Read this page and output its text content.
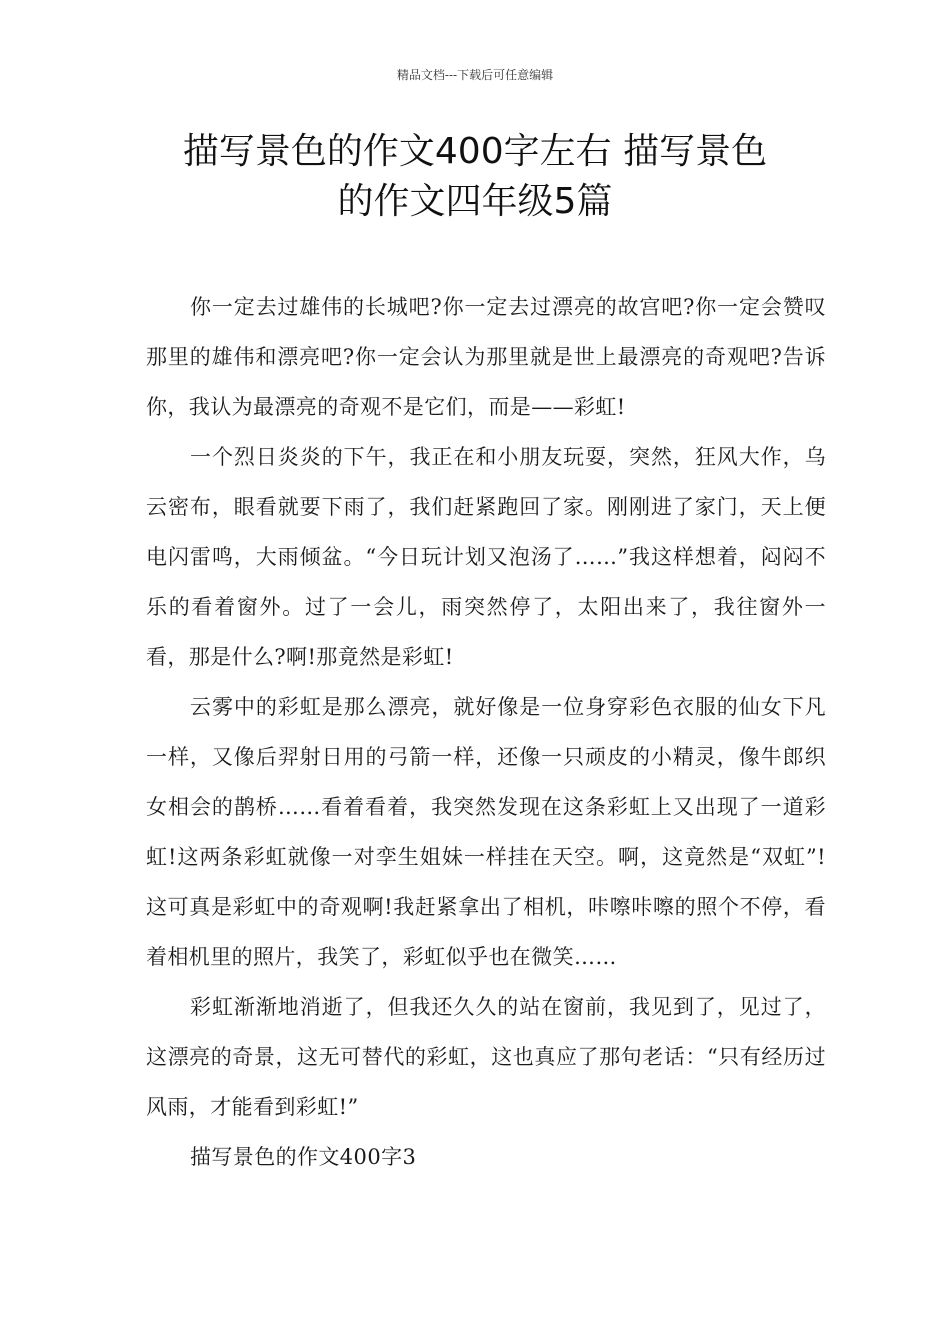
精品文档---下载后可任意编辑
描写景色的作文400字左右 描写景色
的作文四年级5篇

你一定去过雄伟的长城吧?你一定去过漂亮的故宫吧?你一定会赞叹那里的雄伟和漂亮吧?你一定会认为那里就是世上最漂亮的奇观吧?告诉你，我认为最漂亮的奇观不是它们，而是——彩虹!

一个烈日炎炎的下午，我正在和小朋友玩耍，突然，狂风大作，乌云密布，眼看就要下雨了，我们赶紧跑回了家。刚刚进了家门，天上便电闪雷鸣，大雨倾盆。“今日玩计划又泡汤了……”我这样想着，闷闷不乐的看着窗外。过了一会儿，雨突然停了，太阳出来了，我往窗外一看，那是什么?啊!那竟然是彩虹!

云雾中的彩虹是那么漂亮，就好像是一位身穿彩色衣服的仙女下凡一样，又像后羿射日用的弓箭一样，还像一只顽皮的小精灵，像牛郎织女相会的鹊桥……看着看着，我突然发现在这条彩虹上又出现了一道彩虹!这两条彩虹就像一对孪生姐妹一样挂在天空。啊，这竟然是“双虹”!这可真是彩虹中的奇观啊!我赶紧拿出了相机，咔嚓咔嚓的照个不停，看着相机里的照片，我笑了，彩虹似乎也在微笑……

彩虹渐渐地消逝了，但我还久久的站在窗前，我见到了，见过了，这漂亮的奇景，这无可替代的彩虹，这也真应了那句老话：“只有经历过风雨，才能看到彩虹!”

描写景色的作文400字3
